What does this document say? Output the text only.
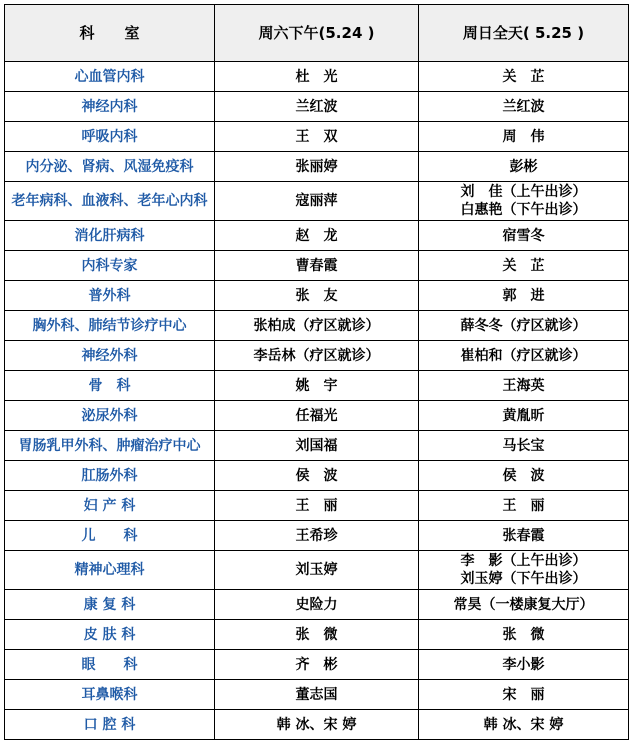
科　　室	周六下午(5.24 )	周日全天( 5.25 )
心血管内科	杜　光	关　芷

神经内科	兰红波	兰红波

呼吸内科	王　双	周　伟

内分泌、肾病、风湿免疫科	张丽婷	彭彬

老年病科、血液科、老年心内科	寇丽萍	刘　佳（上午出诊）
白惠艳（下午出诊）

消化肝病科	赵　龙	宿雪冬

内科专家	曹春霞	关　芷

普外科	张　友	郭　进

胸外科、肺结节诊疗中心	张柏成（疗区就诊）	薛冬冬（疗区就诊）

神经外科	李岳林（疗区就诊）	崔柏和（疗区就诊）

骨　科	姚　宇	王海英

泌尿外科	任福光	黄胤昕

胃肠乳甲外科、肿瘤治疗中心	刘国福	马长宝

肛肠外科	侯　波	侯　波

妇 产 科	王　丽	王　丽

儿　　科	王希珍	张春霞

精神心理科	刘玉婷	李　影（上午出诊）
刘玉婷（下午出诊）

康 复 科	史险力	常昊（一楼康复大厅）

皮 肤 科	张　微	张　微

眼　　科	齐　彬	李小影

耳鼻喉科	董志国	宋　丽

口 腔 科	韩 冰、宋 婷	韩 冰、宋 婷
